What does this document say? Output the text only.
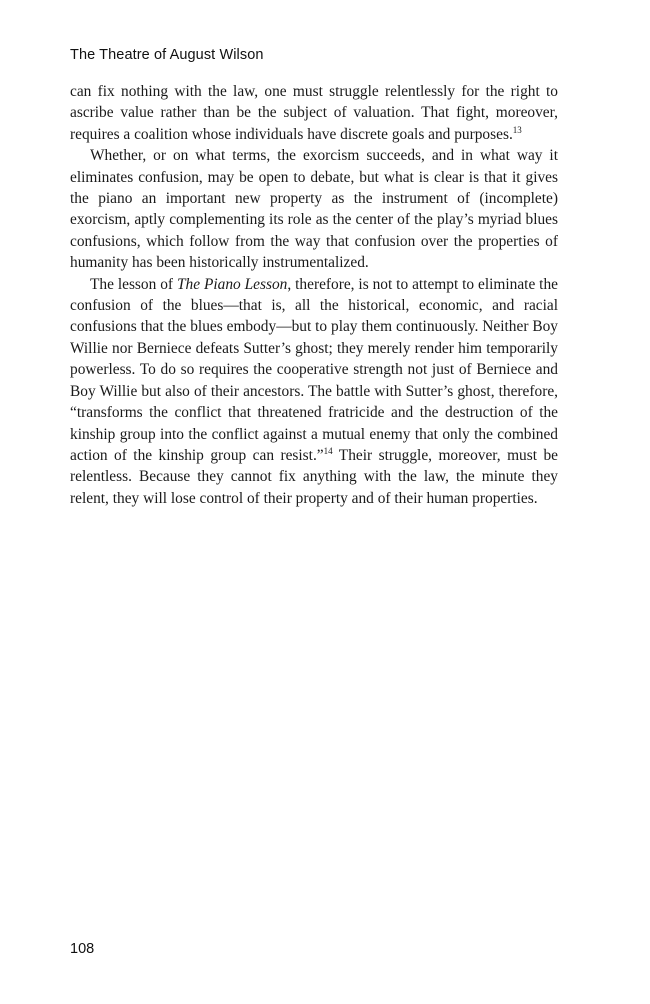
The Theatre of August Wilson

can fix nothing with the law, one must struggle relentlessly for the right to ascribe value rather than be the subject of valuation. That fight, moreover, requires a coalition whose individuals have discrete goals and purposes.$^{13}$

Whether, or on what terms, the exorcism succeeds, and in what way it eliminates confusion, may be open to debate, but what is clear is that it gives the piano an important new property as the instrument of (incomplete) exorcism, aptly complementing its role as the center of the play’s myriad blues confusions, which follow from the way that confusion over the properties of humanity has been historically instrumentalized.

The lesson of The Piano Lesson, therefore, is not to attempt to eliminate the confusion of the blues—that is, all the historical, economic, and racial confusions that the blues embody—but to play them continuously. Neither Boy Willie nor Berniece defeats Sutter’s ghost; they merely render him temporarily powerless. To do so requires the cooperative strength not just of Berniece and Boy Willie but also of their ancestors. The battle with Sutter’s ghost, therefore, “transforms the conflict that threatened fratricide and the destruction of the kinship group into the conflict against a mutual enemy that only the combined action of the kinship group can resist.”$^{14}$ Their struggle, moreover, must be relentless. Because they cannot fix anything with the law, the minute they relent, they will lose control of their property and of their human properties.

108
